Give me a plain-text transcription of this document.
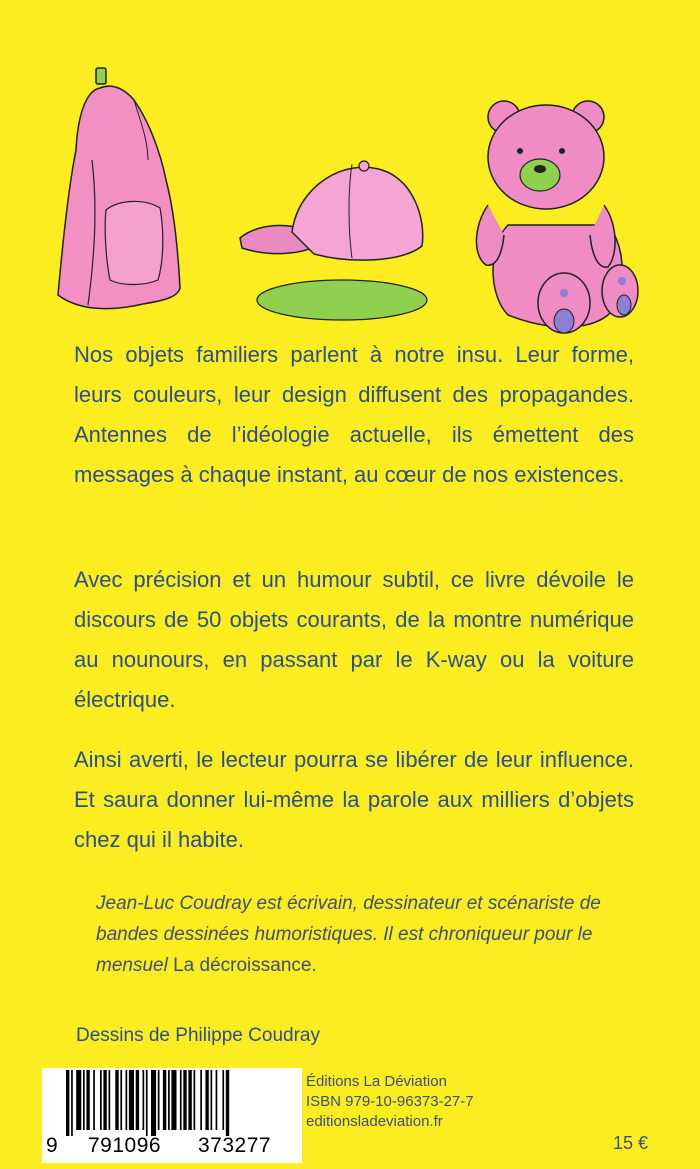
Nos objets familiers parlent à notre insu. Leur forme, leurs couleurs, leur design diffusent des propagandes. Antennes de l’idéologie actuelle, ils émettent des messages à chaque instant, au cœur de nos existences.

Avec précision et un humour subtil, ce livre dévoile le discours de 50 objets courants, de la montre numérique au nounours, en passant par le K-way ou la voiture électrique.

Ainsi averti, le lecteur pourra se libérer de leur influence. Et saura donner lui-même la parole aux milliers d’objets chez qui il habite.

Jean-Luc Coudray est écrivain, dessinateur et scénariste de bandes dessinées humoristiques. Il est chroniqueur pour le mensuel La décroissance.

Dessins de Philippe Coudray

9 791096 373277
Éditions La Déviation
ISBN 979-10-96373-27-7
editionsladeviation.fr
15 €
